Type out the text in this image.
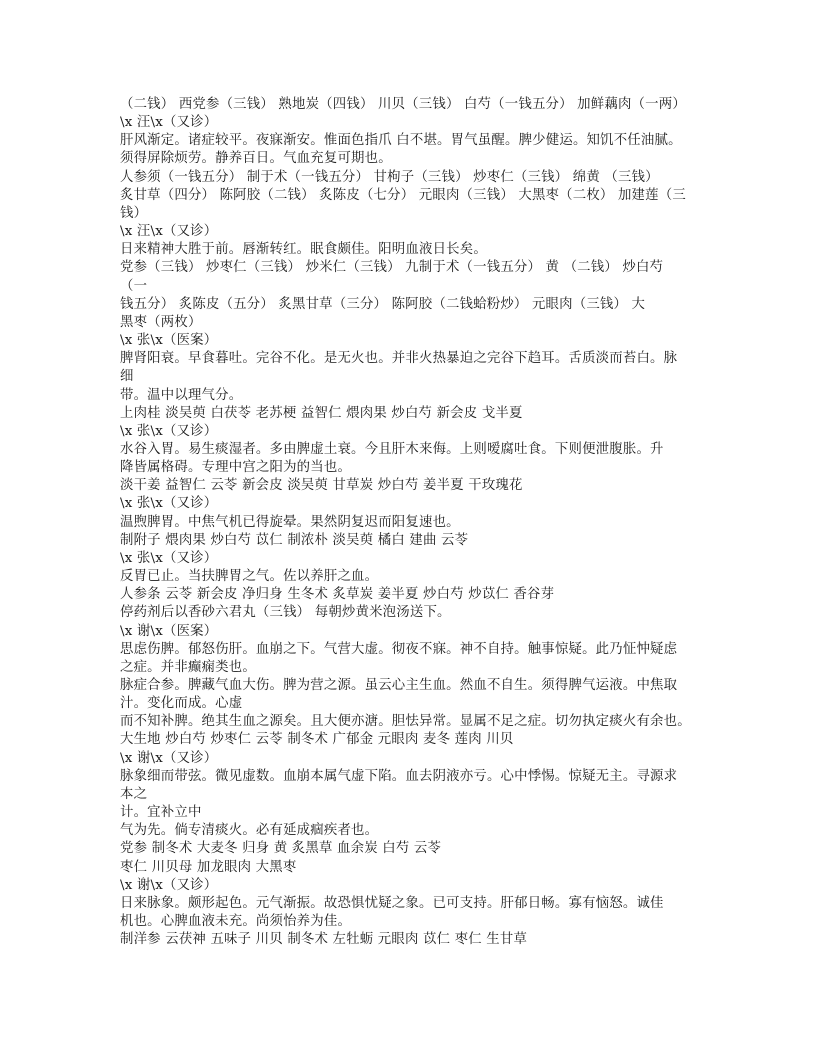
（二钱） 西党参（三钱） 熟地炭（四钱） 川贝（三钱） 白芍（一钱五分） 加鲜藕肉（一两）
\x 汪\x（又诊）
肝风渐定。诸症较平。夜寐渐安。惟面色指爪 白不堪。胃气虽醒。脾少健运。知饥不任油腻。
须得屏除烦劳。静养百日。气血充复可期也。
人参须（一钱五分） 制于术（一钱五分） 甘枸子（三钱） 炒枣仁（三钱） 绵黄 （三钱）
炙甘草（四分） 陈阿胶（二钱） 炙陈皮（七分） 元眼肉（三钱） 大黑枣（二枚） 加建莲（三
钱）
\x 汪\x（又诊）
日来精神大胜于前。唇渐转红。眠食颇佳。阳明血液日长矣。
党参（三钱） 炒枣仁（三钱） 炒米仁（三钱） 九制于术（一钱五分） 黄 （二钱） 炒白芍
（一
钱五分） 炙陈皮（五分） 炙黑甘草（三分） 陈阿胶（二钱蛤粉炒） 元眼肉（三钱） 大
黑枣（两枚）
\x 张\x（医案）
脾肾阳衰。早食暮吐。完谷不化。是无火也。并非火热暴迫之完谷下趋耳。舌质淡而苔白。脉
细
带。温中以理气分。
上肉桂 淡吴萸 白茯苓 老苏梗 益智仁 煨肉果 炒白芍 新会皮 戈半夏
\x 张\x（又诊）
水谷入胃。易生痰湿者。多由脾虚土衰。今且肝木来侮。上则嗳腐吐食。下则便泄腹胀。升
降皆属格碍。专理中宫之阳为的当也。
淡干姜 益智仁 云苓 新会皮 淡吴萸 甘草炭 炒白芍 姜半夏 干玫瑰花
\x 张\x（又诊）
温煦脾胃。中焦气机已得旋晕。果然阴复迟而阳复速也。
制附子 煨肉果 炒白芍 苡仁 制浓朴 淡吴萸 橘白 建曲 云苓
\x 张\x（又诊）
反胃已止。当扶脾胃之气。佐以养肝之血。
人参条 云苓 新会皮 净归身 生冬术 炙草炭 姜半夏 炒白芍 炒苡仁 香谷芽
停药剂后以香砂六君丸（三钱） 每朝炒黄米泡汤送下。
\x 谢\x（医案）
思虑伤脾。郁怒伤肝。血崩之下。气营大虚。彻夜不寐。神不自持。触事惊疑。此乃怔忡疑虑
之症。并非癫痫类也。
脉症合参。脾藏气血大伤。脾为营之源。虽云心主生血。然血不自生。须得脾气运液。中焦取
汁。变化而成。心虚
而不知补脾。绝其生血之源矣。且大便亦溏。胆怯异常。显属不足之症。切勿执定痰火有余也。
大生地 炒白芍 炒枣仁 云苓 制冬术 广郁金 元眼肉 麦冬 莲肉 川贝
\x 谢\x（又诊）
脉象细而带弦。微见虚数。血崩本属气虚下陷。血去阴液亦亏。心中悸惕。惊疑无主。寻源求
本之
计。宜补立中
气为先。倘专清痰火。必有延成痼疾者也。
党参 制冬术 大麦冬 归身 黄 炙黑草 血余炭 白芍 云苓
枣仁 川贝母 加龙眼肉 大黑枣
\x 谢\x（又诊）
日来脉象。颇形起色。元气渐振。故恐惧忧疑之象。已可支持。肝郁日畅。寡有恼怒。诚佳
机也。心脾血液未充。尚须怡养为佳。
制洋参 云茯神 五味子 川贝 制冬术 左牡蛎 元眼肉 苡仁 枣仁 生甘草
